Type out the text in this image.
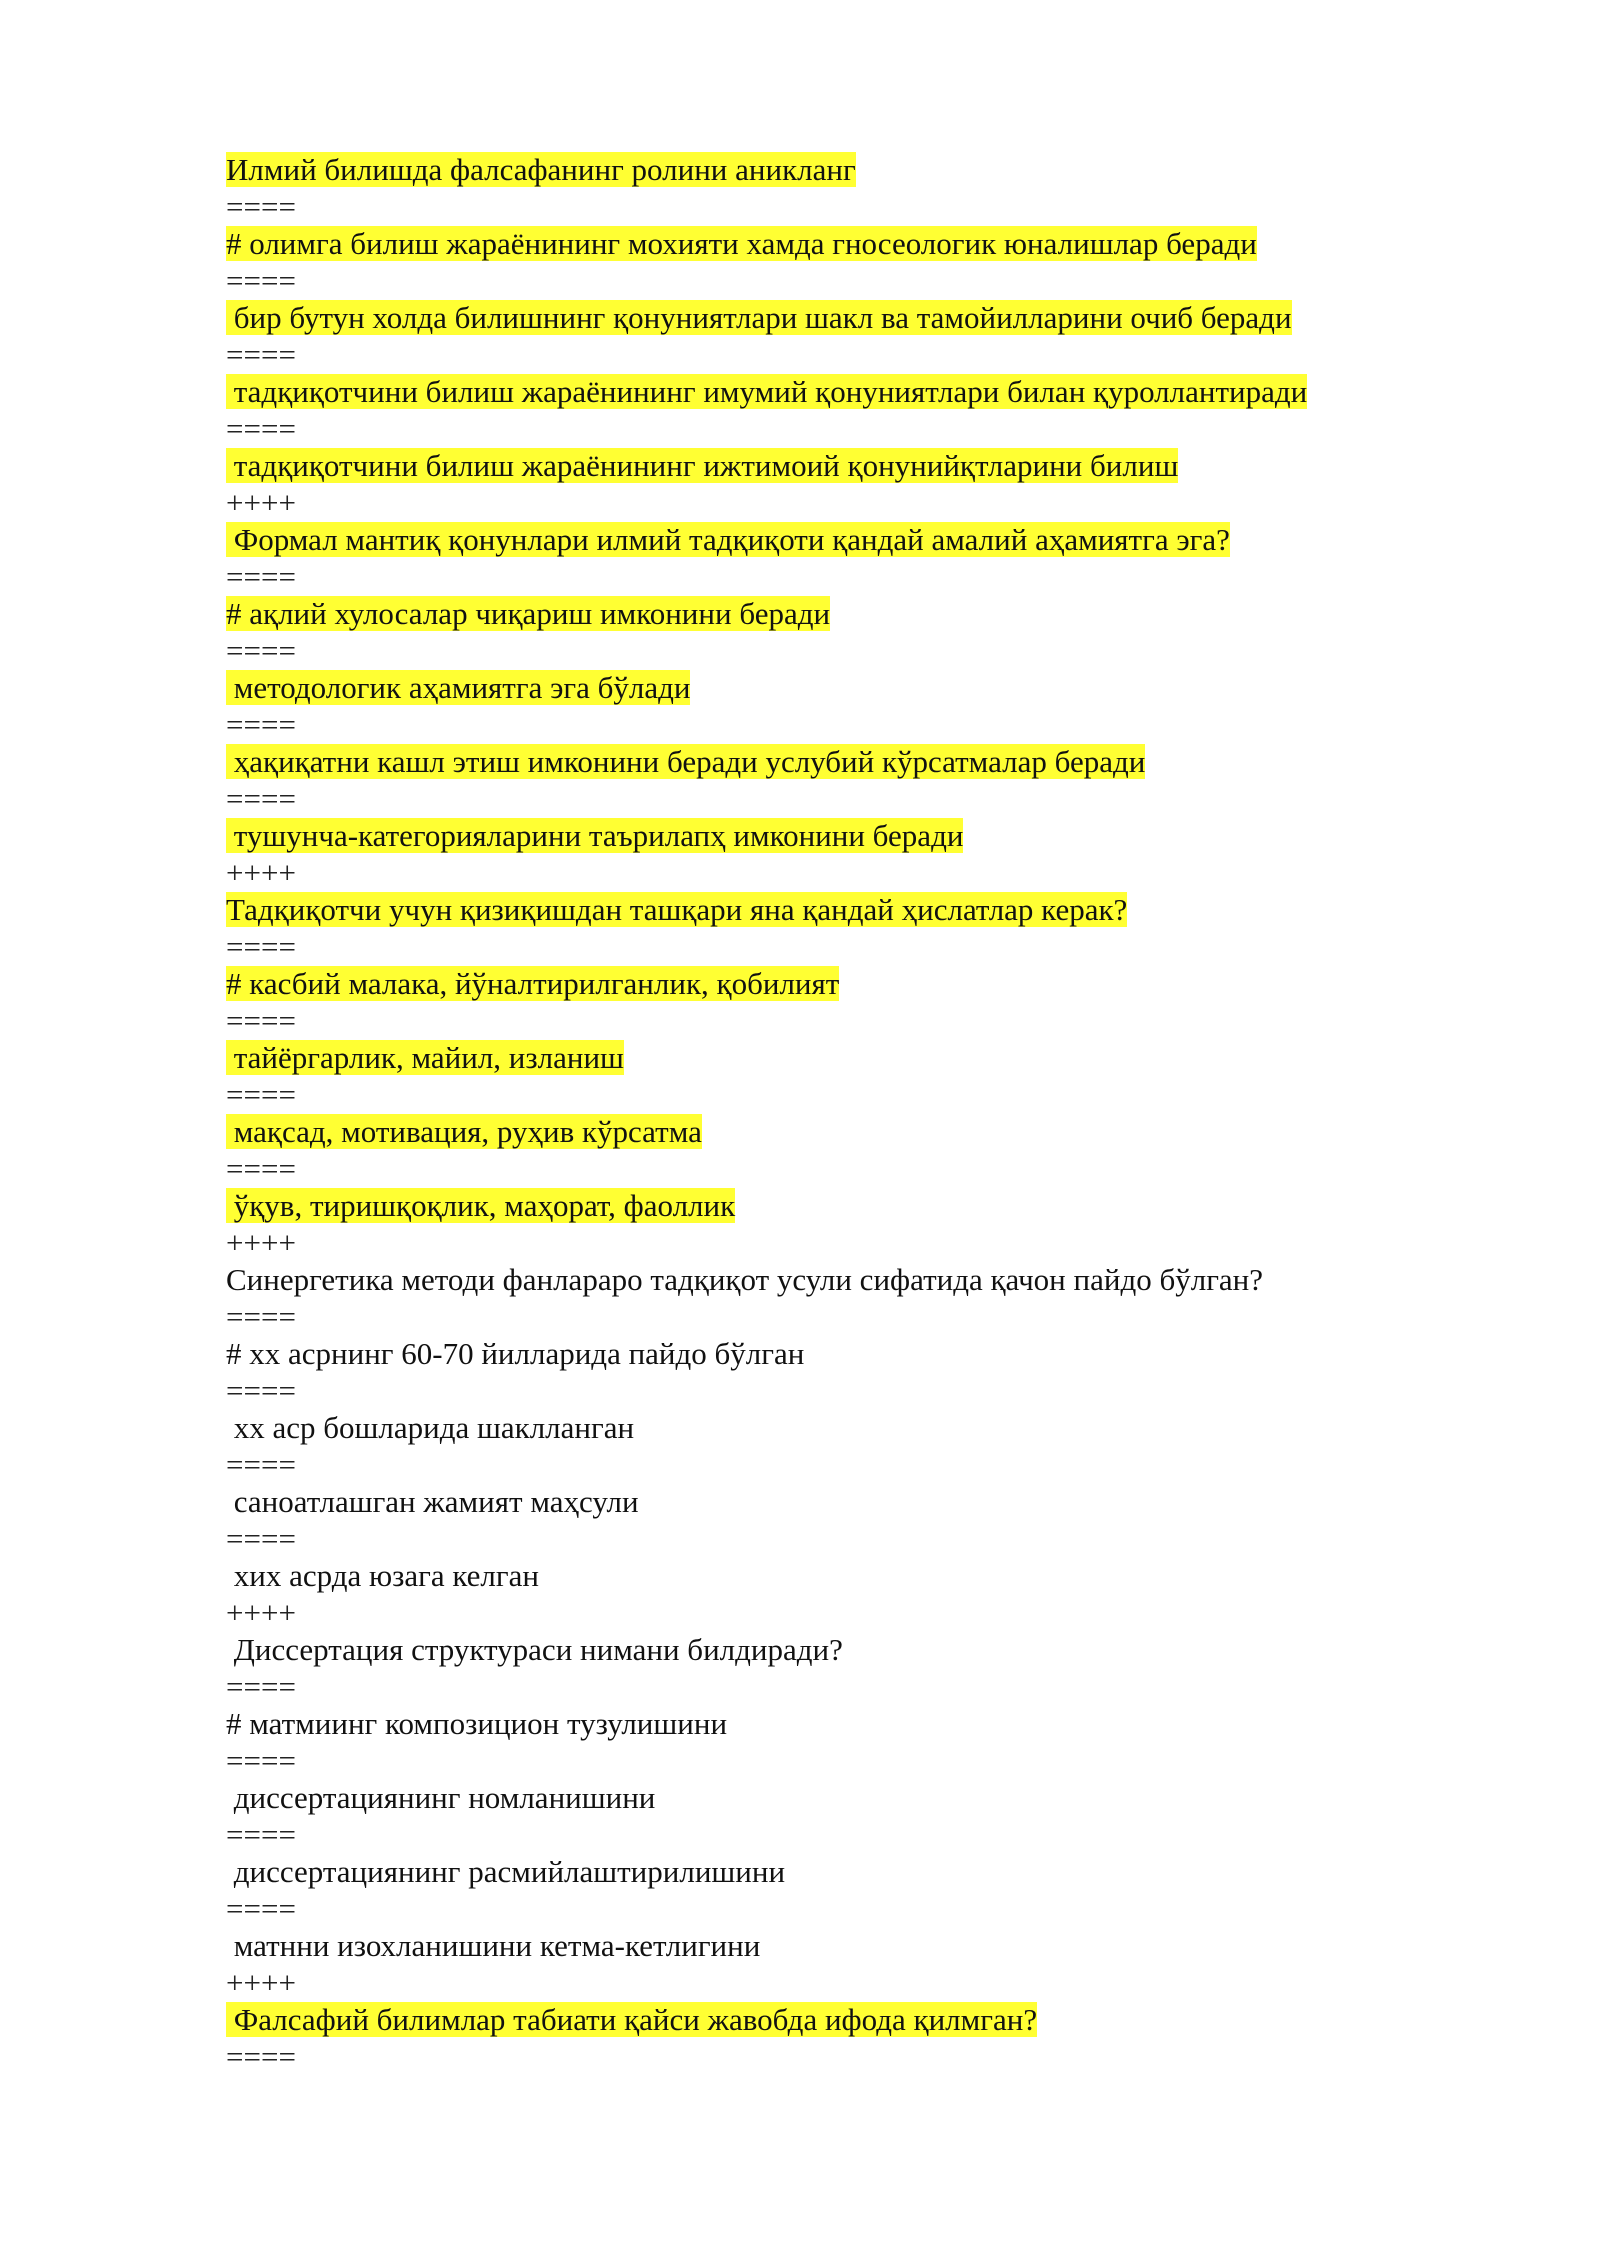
Илмий билишда фалсафанинг ролини аникланг
====
# олимга билиш жараёнининг мохияти хамда гносеологик юналишлар беради
====
бир бутун холда билишнинг қонуниятлари шакл ва тамойилларини очиб беради
====
тадқиқотчини билиш жараёнининг имумий қонуниятлари билан қуроллантиради
====
тадқиқотчини билиш жараёнининг ижтимоий қонунийқтларини билиш
++++
Формал мантиқ қонунлари илмий тадқиқоти қандай амалий аҳамиятга эга?
====
# ақлий хулосалар чиқариш имконини беради
====
методологик аҳамиятга эга бўлади
====
ҳақиқатни кашл этиш имконини беради услубий кўрсатмалар беради
====
тушунча-категорияларини таърилапҳ имконини беради
++++
Тадқиқотчи учун қизиқишдан ташқари яна қандай ҳислатлар керак?
====
# касбий малака, йўналтирилганлик, қобилият
====
тайёргарлик, майил, изланиш
====
мақсад, мотивация, руҳив кўрсатма
====
ўқув, тиришқоқлик, маҳорат, фаоллик
++++
Синергетика методи фанлараро тадқиқот усули сифатида қачон пайдо бўлган?
====
# хх асрнинг 60-70 йилларида пайдо бўлган
====
хх аср бошларида шаклланган
====
саноатлашган жамият маҳсули
====
хих асрда юзага келган
++++
Диссертация структураси нимани билдиради?
====
# матмиинг композицион тузулишини
====
диссертациянинг номланишини
====
диссертациянинг расмийлаштирилишини
====
матнни изохланишини кетма-кетлигини
++++
Фалсафий билимлар табиати қайси жавобда ифода қилмган?
====
